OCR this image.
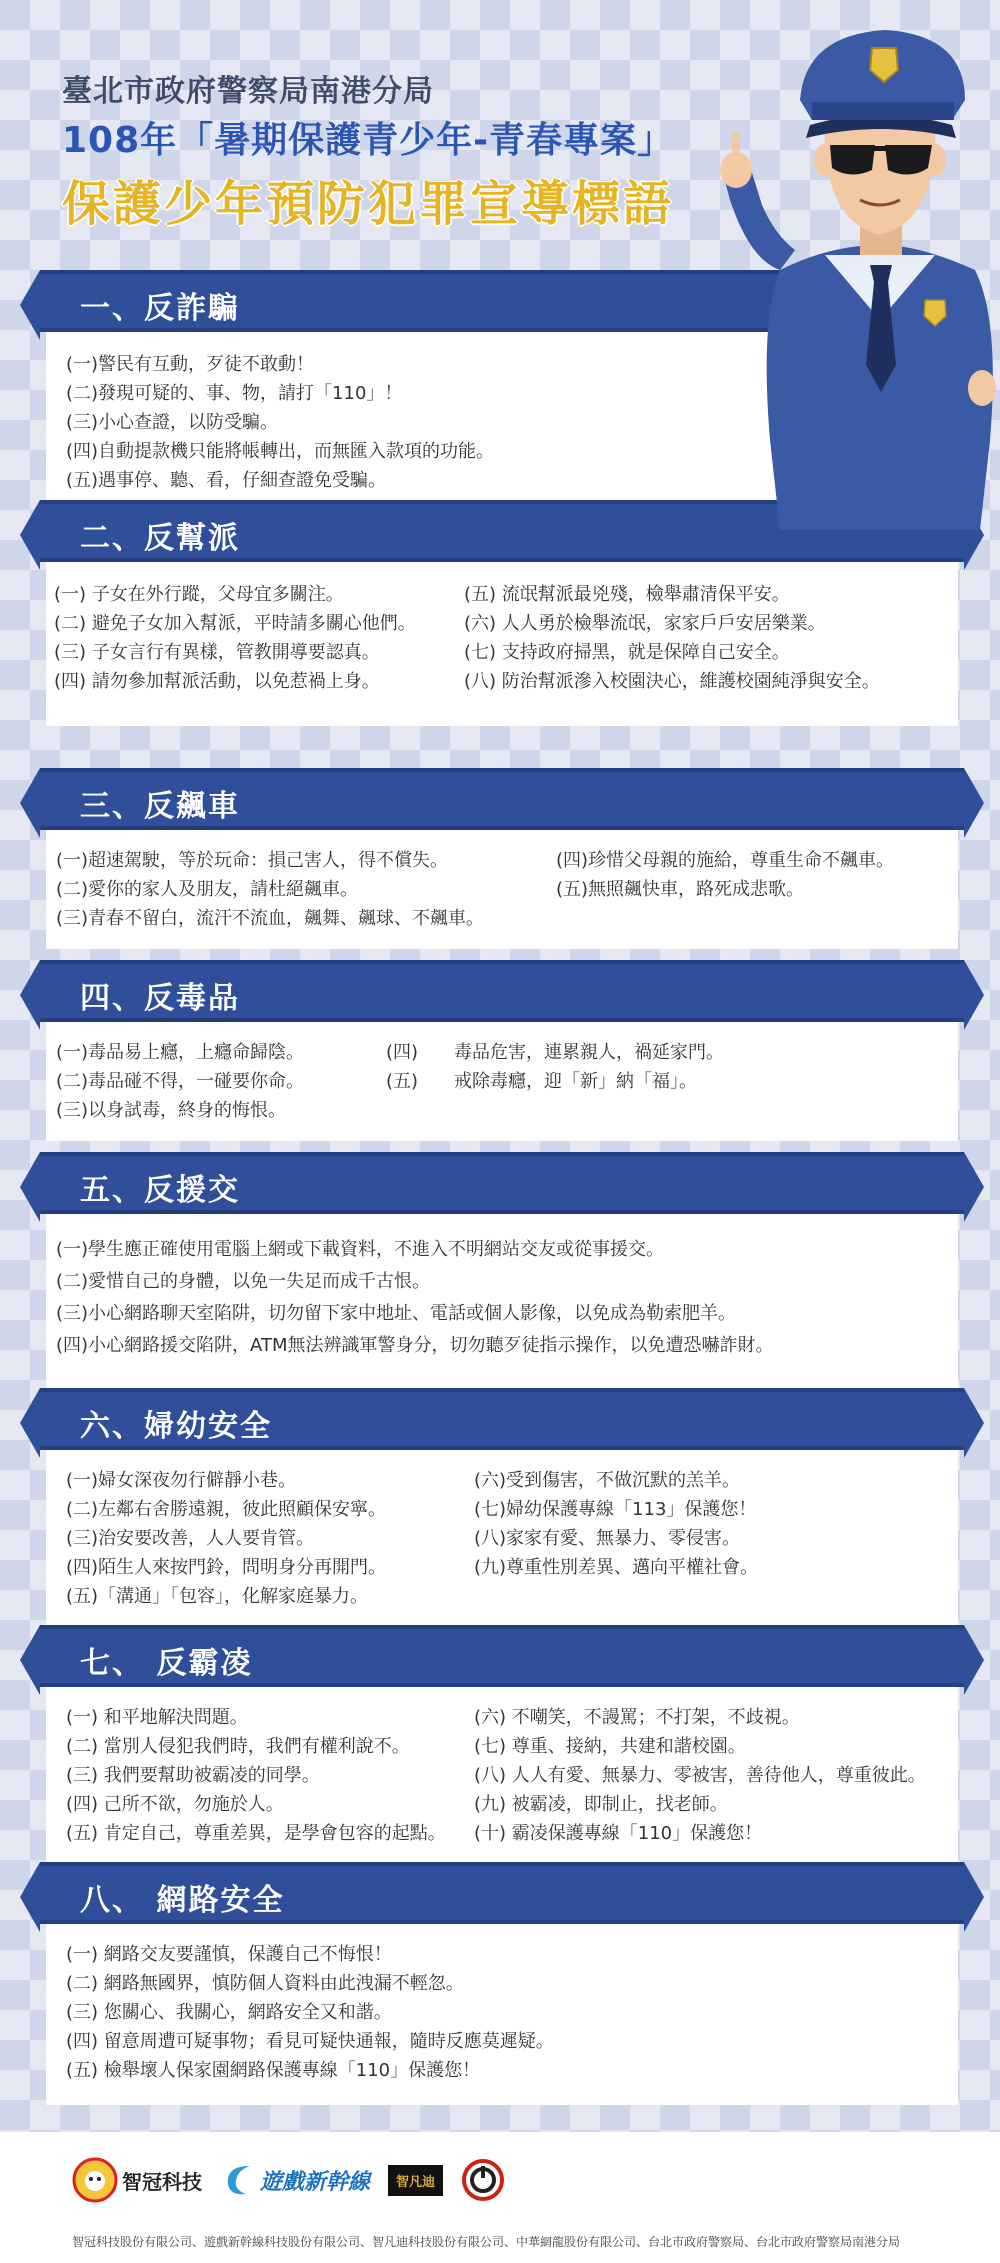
臺北市政府警察局南港分局
108年「暑期保護青少年-青春專案」
保護少年預防犯罪宣導標語
一、反詐騙
(一)警民有互動，歹徒不敢動！
(二)發現可疑的、事、物，請打「110」！
(三)小心查證，以防受騙。
(四)自動提款機只能將帳轉出，而無匯入款項的功能。
(五)遇事停、聽、看，仔細查證免受騙。
二、反幫派
(一) 子女在外行蹤，父母宜多關注。
(二) 避免子女加入幫派，平時請多關心他們。
(三) 子女言行有異樣，管教開導要認真。
(四) 請勿參加幫派活動，以免惹禍上身。
(五) 流氓幫派最兇殘，檢舉肅清保平安。
(六) 人人勇於檢舉流氓，家家戶戶安居樂業。
(七) 支持政府掃黑，就是保障自己安全。
(八) 防治幫派滲入校園決心，維護校園純淨與安全。
三、反飆車
(一)超速駕駛，等於玩命：損己害人，得不償失。
(二)愛你的家人及朋友，請杜絕飆車。
(三)青春不留白，流汗不流血，飆舞、飆球、不飆車。
(四)珍惜父母親的施給，尊重生命不飆車。
(五)無照飆快車，路死成悲歌。
四、反毒品
(一)毒品易上癮，上癮命歸陰。
(二)毒品碰不得，一碰要你命。
(三)以身試毒，終身的悔恨。
(四)　　毒品危害，連累親人，禍延家門。
(五)　　戒除毒癮，迎「新」納「福」。
五、反援交
(一)學生應正確使用電腦上網或下載資料，不進入不明網站交友或從事援交。
(二)愛惜自己的身體，以免一失足而成千古恨。
(三)小心網路聊天室陷阱，切勿留下家中地址、電話或個人影像，以免成為勒索肥羊。
(四)小心網路援交陷阱，ATM無法辨識軍警身分，切勿聽歹徒指示操作，以免遭恐嚇詐財。
六、婦幼安全
(一)婦女深夜勿行僻靜小巷。
(二)左鄰右舍勝遠親，彼此照顧保安寧。
(三)治安要改善，人人要肯管。
(四)陌生人來按門鈴，問明身分再開門。
(五)「溝通」「包容」，化解家庭暴力。
(六)受到傷害，不做沉默的羔羊。
(七)婦幼保護專線「113」保護您！
(八)家家有愛、無暴力、零侵害。
(九)尊重性別差異、邁向平權社會。
七、 反霸凌
(一) 和平地解決問題。
(二) 當別人侵犯我們時，我們有權利說不。
(三) 我們要幫助被霸凌的同學。
(四) 己所不欲，勿施於人。
(五) 肯定自己，尊重差異，是學會包容的起點。
(六) 不嘲笑，不謾罵；不打架，不歧視。
(七) 尊重、接納，共建和諧校園。
(八) 人人有愛、無暴力、零被害，善待他人，尊重彼此。
(九) 被霸凌，即制止，找老師。
(十) 霸凌保護專線「110」保護您！
八、 網路安全
(一) 網路交友要謹慎，保護自己不悔恨！
(二) 網路無國界，慎防個人資料由此洩漏不輕忽。
(三) 您關心、我關心，網路安全又和諧。
(四) 留意周遭可疑事物；看見可疑快通報，隨時反應莫遲疑。
(五) 檢舉壞人保家園網路保護專線「110」保護您！
智冠科技	遊戲新幹線	智凡迪
智冠科技股份有限公司、遊戲新幹線科技股份有限公司、智凡迪科技股份有限公司、中華網龍股份有限公司、台北市政府警察局、台北市政府警察局南港分局
